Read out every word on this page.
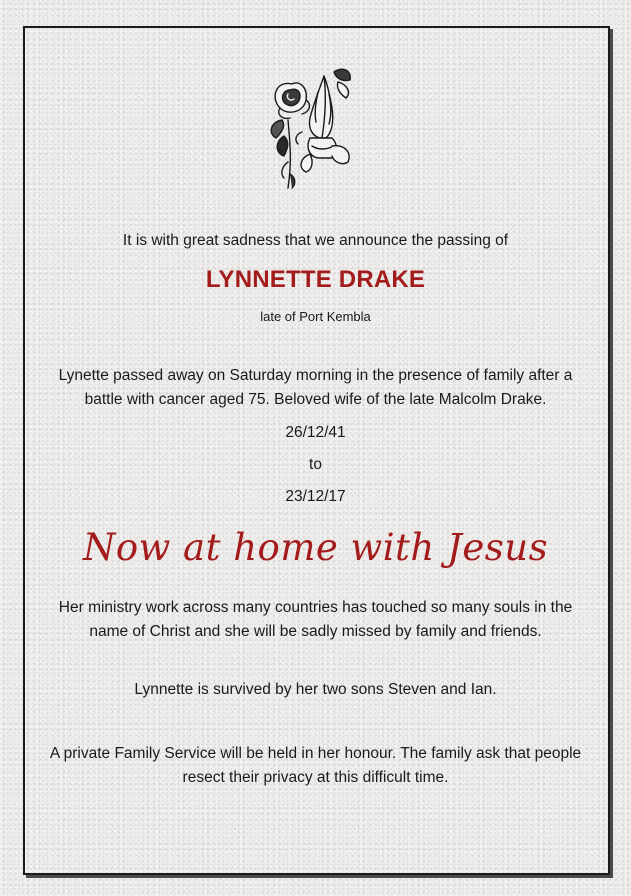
It is with great sadness that we announce the passing of

LYNNETTE DRAKE

late of Port Kembla

Lynette passed away on Saturday morning in the presence of family after a battle with cancer aged 75. Beloved wife of the late Malcolm Drake.

26/12/41

to

23/12/17

Now at home with Jesus

Her ministry work across many countries has touched so many souls in the name of Christ and she will be sadly missed by family and friends.

Lynnette is survived by her two sons Steven and Ian.

A private Family Service will be held in her honour. The family ask that people resect their privacy at this difficult time.
